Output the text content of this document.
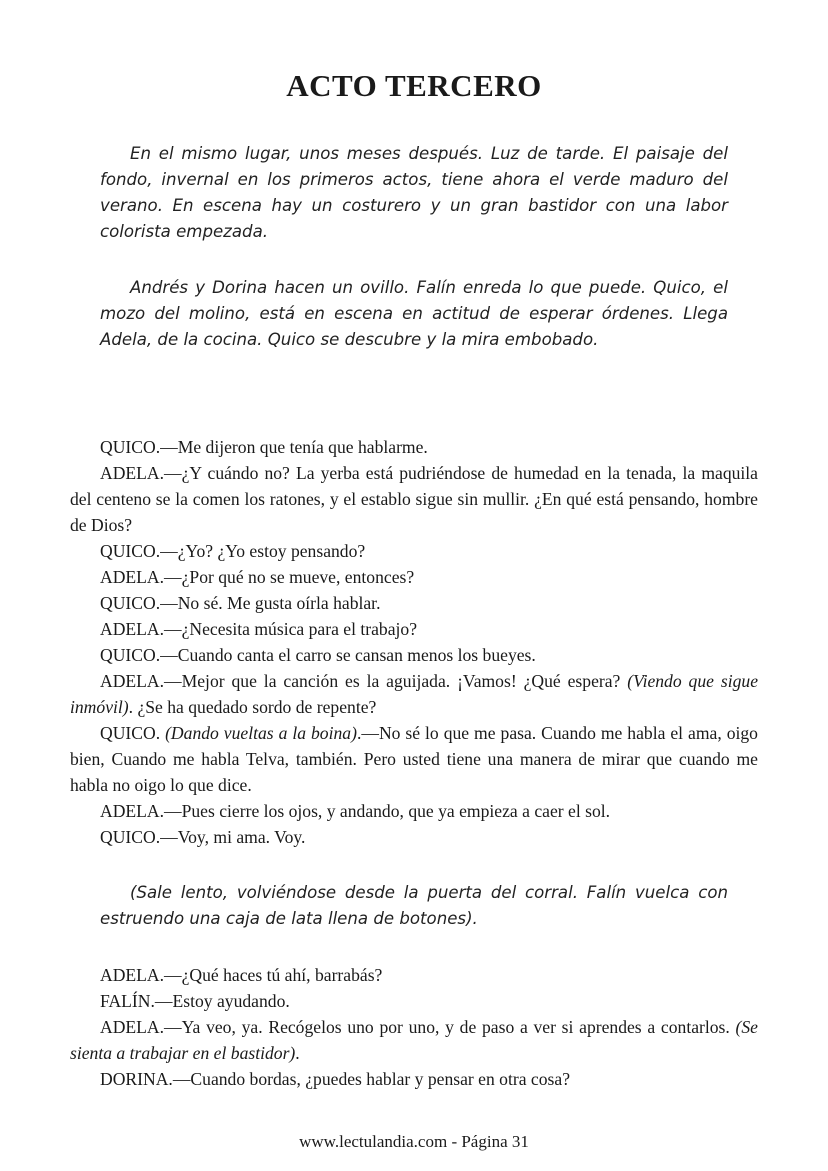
ACTO TERCERO

En el mismo lugar, unos meses después. Luz de tarde. El paisaje del fondo, invernal en los primeros actos, tiene ahora el verde maduro del verano. En escena hay un costurero y un gran bastidor con una labor colorista empezada.

Andrés y Dorina hacen un ovillo. Falín enreda lo que puede. Quico, el mozo del molino, está en escena en actitud de esperar órdenes. Llega Adela, de la cocina. Quico se descubre y la mira embobado.

QUICO.—Me dijeron que tenía que hablarme.

ADELA.—¿Y cuándo no? La yerba está pudriéndose de humedad en la tenada, la maquila del centeno se la comen los ratones, y el establo sigue sin mullir. ¿En qué está pensando, hombre de Dios?

QUICO.—¿Yo? ¿Yo estoy pensando?

ADELA.—¿Por qué no se mueve, entonces?

QUICO.—No sé. Me gusta oírla hablar.

ADELA.—¿Necesita música para el trabajo?

QUICO.—Cuando canta el carro se cansan menos los bueyes.

ADELA.—Mejor que la canción es la aguijada. ¡Vamos! ¿Qué espera? (Viendo que sigue inmóvil). ¿Se ha quedado sordo de repente?

QUICO. (Dando vueltas a la boina).—No sé lo que me pasa. Cuando me habla el ama, oigo bien, Cuando me habla Telva, también. Pero usted tiene una manera de mirar que cuando me habla no oigo lo que dice.

ADELA.—Pues cierre los ojos, y andando, que ya empieza a caer el sol.

QUICO.—Voy, mi ama. Voy.

(Sale lento, volviéndose desde la puerta del corral. Falín vuelca con estruendo una caja de lata llena de botones).

ADELA.—¿Qué haces tú ahí, barrabás?

FALÍN.—Estoy ayudando.

ADELA.—Ya veo, ya. Recógelos uno por uno, y de paso a ver si aprendes a contarlos. (Se sienta a trabajar en el bastidor).

DORINA.—Cuando bordas, ¿puedes hablar y pensar en otra cosa?

www.lectulandia.com - Página 31
